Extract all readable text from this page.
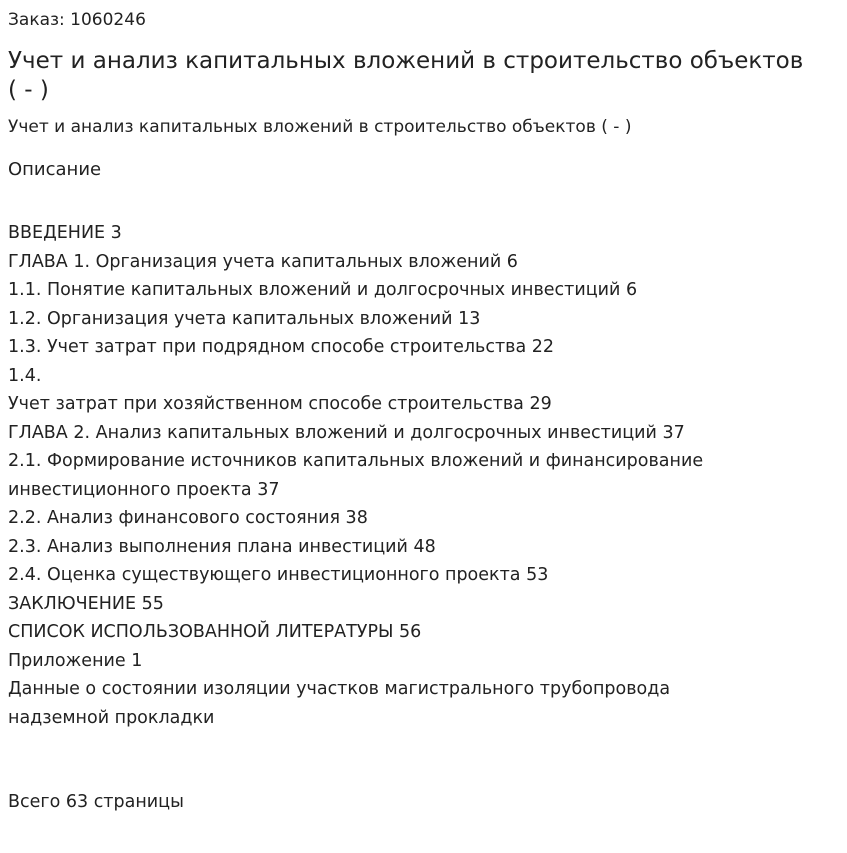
Заказ: 1060246
Учет и анализ капитальных вложений в строительство объектов
( - )
Учет и анализ капитальных вложений в строительство объектов ( - )
Описание
ВВЕДЕНИЕ 3
ГЛАВА 1. Организация учета капитальных вложений 6
1.1. Понятие капитальных вложений и долгосрочных инвестиций 6
1.2. Организация учета капитальных вложений 13
1.3. Учет затрат при подрядном способе строительства 22
1.4.
Учет затрат при хозяйственном способе строительства 29
ГЛАВА 2. Анализ капитальных вложений и долгосрочных инвестиций 37
2.1. Формирование источников капитальных вложений и финансирование
инвестиционного проекта 37
2.2. Анализ финансового состояния 38
2.3. Анализ выполнения плана инвестиций 48
2.4. Оценка существующего инвестиционного проекта 53
ЗАКЛЮЧЕНИЕ 55
СПИСОК ИСПОЛЬЗОВАННОЙ ЛИТЕРАТУРЫ 56
Приложение 1
Данные о состоянии изоляции участков магистрального трубопровода
надземной прокладки
Всего 63 страницы
